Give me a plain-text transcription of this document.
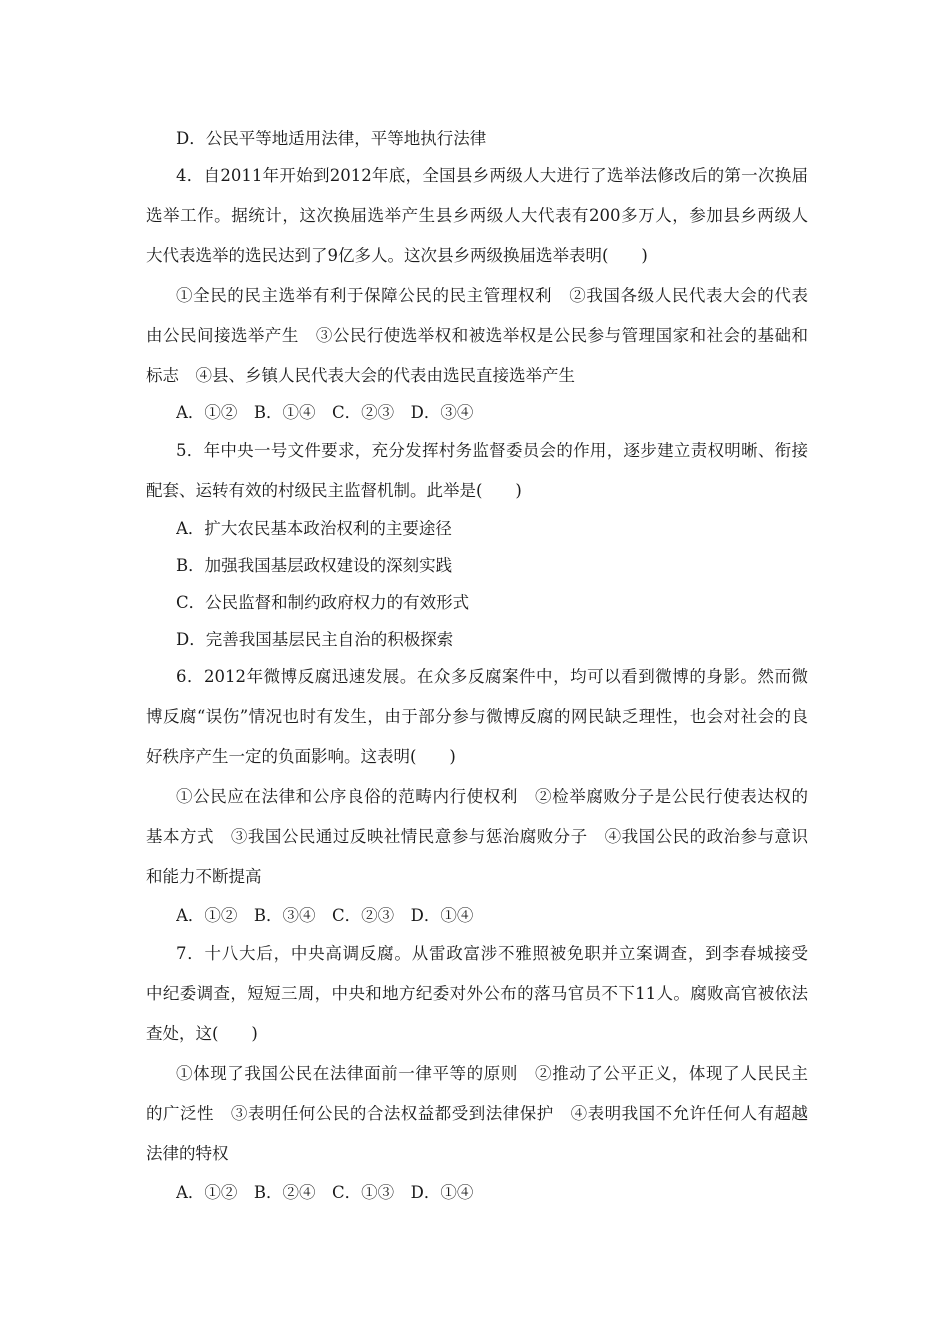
D．公民平等地适用法律，平等地执行法律
4．自2011年开始到2012年底，全国县乡两级人大进行了选举法修改后的第一次换届
选举工作。据统计，这次换届选举产生县乡两级人大代表有200多万人，参加县乡两级人
大代表选举的选民达到了9亿多人。这次县乡两级换届选举表明(　　)
①全民的民主选举有利于保障公民的民主管理权利　②我国各级人民代表大会的代表
由公民间接选举产生　③公民行使选举权和被选举权是公民参与管理国家和社会的基础和
标志　④县、乡镇人民代表大会的代表由选民直接选举产生
A．①②　B．①④　C．②③　D．③④
5．年中央一号文件要求，充分发挥村务监督委员会的作用，逐步建立责权明晰、衔接
配套、运转有效的村级民主监督机制。此举是(　　)
A．扩大农民基本政治权利的主要途径
B．加强我国基层政权建设的深刻实践
C．公民监督和制约政府权力的有效形式
D．完善我国基层民主自治的积极探索
6．2012年微博反腐迅速发展。在众多反腐案件中，均可以看到微博的身影。然而微
博反腐“误伤”情况也时有发生，由于部分参与微博反腐的网民缺乏理性，也会对社会的良
好秩序产生一定的负面影响。这表明(　　)
①公民应在法律和公序良俗的范畴内行使权利　②检举腐败分子是公民行使表达权的
基本方式　③我国公民通过反映社情民意参与惩治腐败分子　④我国公民的政治参与意识
和能力不断提高
A．①②　B．③④　C．②③　D．①④
7．十八大后，中央高调反腐。从雷政富涉不雅照被免职并立案调查，到李春城接受
中纪委调查，短短三周，中央和地方纪委对外公布的落马官员不下11人。腐败高官被依法
查处，这(　　)
①体现了我国公民在法律面前一律平等的原则　②推动了公平正义，体现了人民民主
的广泛性　③表明任何公民的合法权益都受到法律保护　④表明我国不允许任何人有超越
法律的特权
A．①②　B．②④　C．①③　D．①④
